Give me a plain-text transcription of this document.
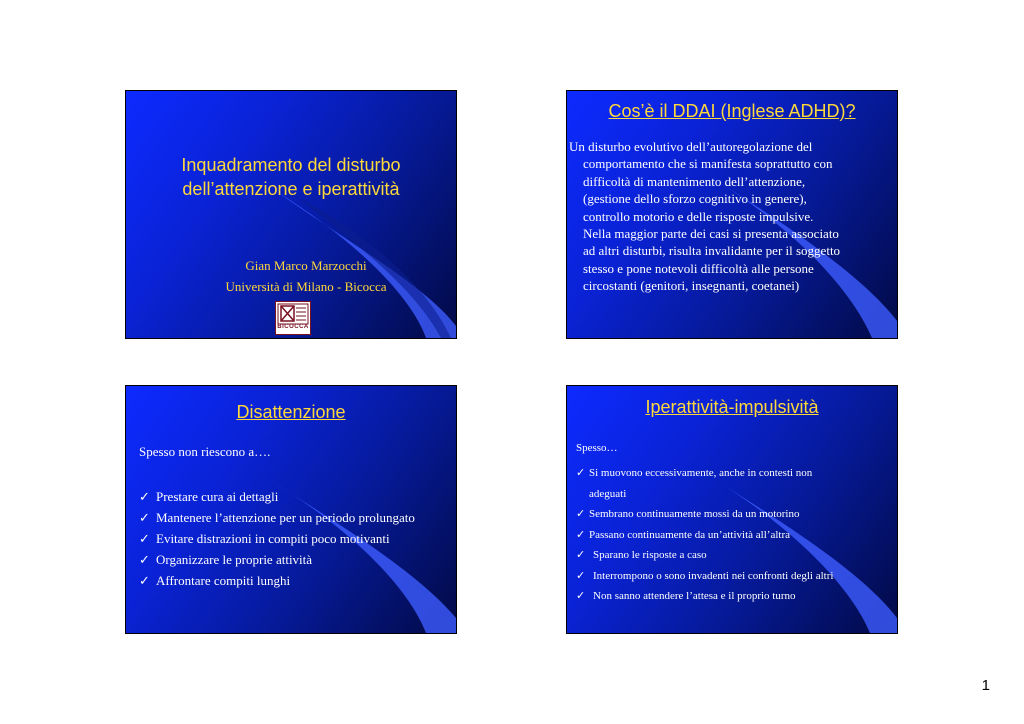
Inquadramento del disturbo
dell’attenzione e iperattività
Gian Marco Marzocchi
Università di Milano - Bicocca
BICOCCA
Cos’è il DDAI (Inglese ADHD)?
Un disturbo evolutivo dell’autoregolazione del
comportamento che si manifesta soprattutto con
difficoltà di mantenimento dell’attenzione,
(gestione dello sforzo cognitivo in genere),
controllo motorio e delle risposte impulsive.
Nella maggior parte dei casi si presenta associato
ad altri disturbi, risulta invalidante per il soggetto
stesso e pone notevoli difficoltà alle persone
circostanti (genitori, insegnanti, coetanei)
Disattenzione
Spesso non riescono a….
✓ Prestare cura ai dettagli
✓ Mantenere l’attenzione per un periodo prolungato
✓ Evitare distrazioni in compiti poco motivanti
✓ Organizzare le proprie attività
✓ Affrontare compiti lunghi
Iperattività-impulsività
Spesso…
✓ Si muovono eccessivamente, anche in contesti non
adeguati
✓ Sembrano continuamente mossi da un motorino
✓ Passano continuamente da un’attività all’altra
✓ Sparano le risposte a caso
✓ Interrompono o sono invadenti nei confronti degli altri
✓ Non sanno attendere l’attesa e il proprio turno
1
